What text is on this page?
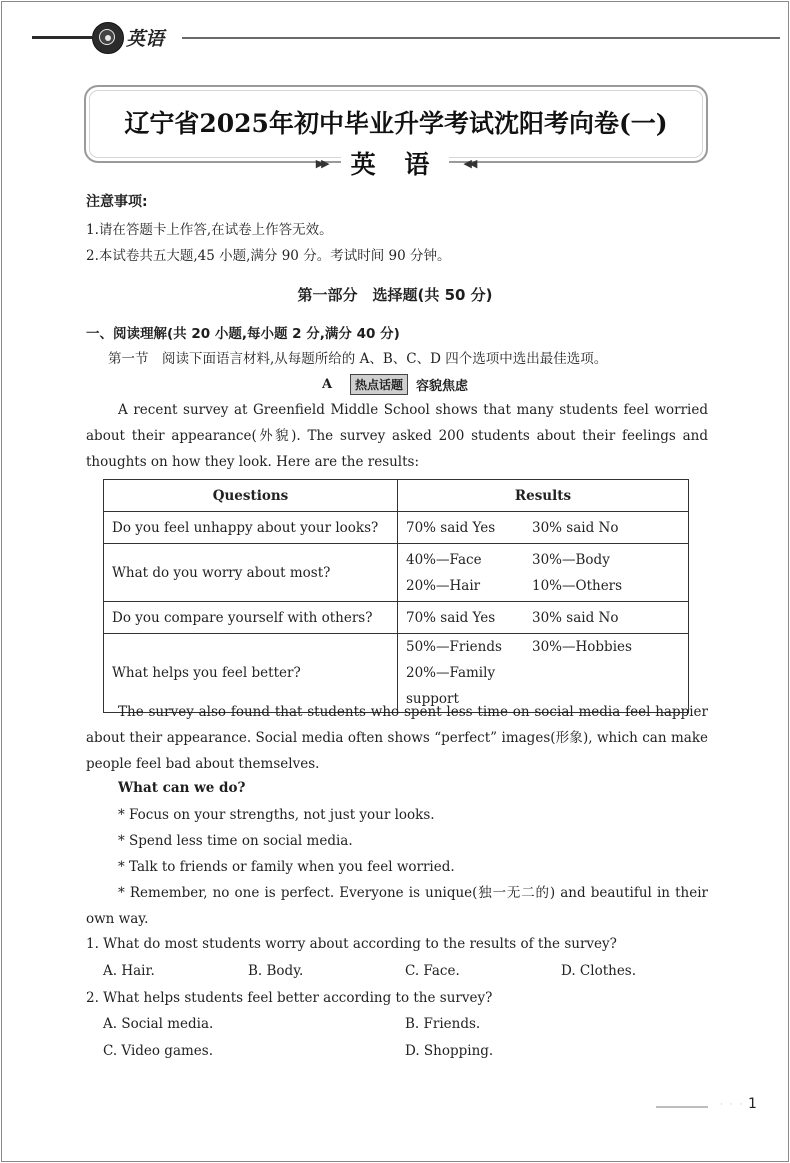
英语
辽宁省2025年初中毕业升学考试沈阳考向卷(一)
▶▶ 英 语	◀◀
注意事项:
1.请在答题卡上作答,在试卷上作答无效。
2.本试卷共五大题,45 小题,满分 90 分。考试时间 90 分钟。
第一部分　选择题(共 50 分)
一、阅读理解(共 20 小题,每小题 2 分,满分 40 分)
第一节　阅读下面语言材料,从每题所给的 A、B、C、D 四个选项中选出最佳选项。
A	热点话题	容貌焦虑
A recent survey at Greenfield Middle School shows that many students feel worried about their appearance(外貌). The survey asked 200 students about their feelings and thoughts on how they look. Here are the results:
Questions	Results
Do you feel unhappy about your looks?	70% said Yes 30% said No

What do you worry about most?	40%—Face 30%—Body
20%—Hair 10%—Others

Do you compare yourself with others?	70% said Yes 30% said No

What helps you feel better?	50%—Friends 30%—Hobbies
20%—Family support
The survey also found that students who spent less time on social media feel happier about their appearance. Social media often shows “perfect” images(形象), which can make people feel bad about themselves.
What can we do?
* Focus on your strengths, not just your looks.
* Spend less time on social media.
* Talk to friends or family when you feel worried.
* Remember, no one is perfect. Everyone is unique(独一无二的) and beautiful in their own way.
1. What do most students worry about according to the results of the survey?
A. Hair.	B. Body.	C. Face.	D. Clothes.
2. What helps students feel better according to the survey?
A. Social media.	B. Friends.
C. Video games.	D. Shopping.
· · · 1
